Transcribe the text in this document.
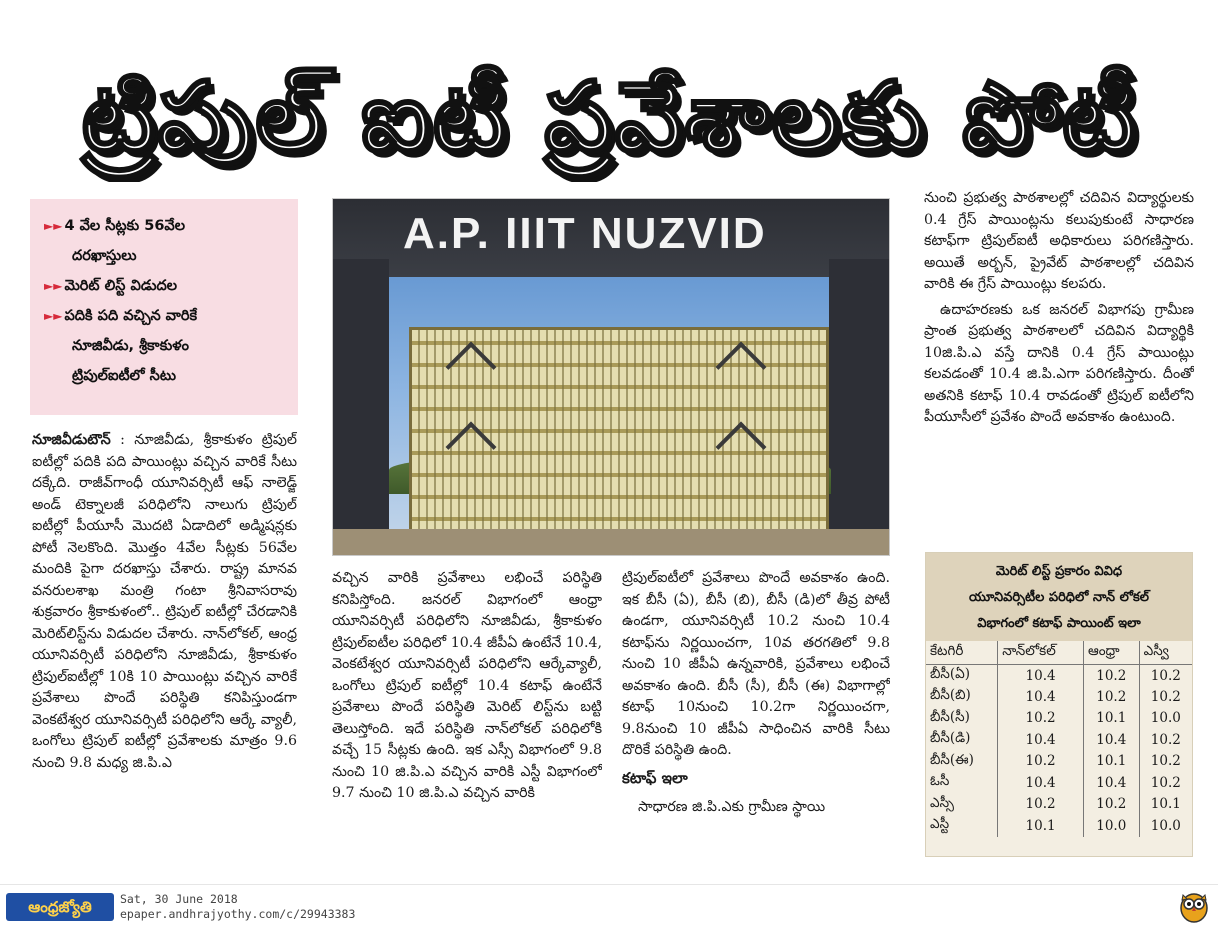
ట్రిపుల్ ఐటీ ప్రవేశాలకు పోటీ
►► 4 వేల సీట్లకు 56వేల
దరఖాస్తులు
►► మెరిట్ లిస్ట్ విడుదల
►► పదికి పది వచ్చిన వారికే
నూజివీడు, శ్రీకాకుళం
ట్రిపుల్ఐటీలో సీటు

నూజివీడుటౌన్ : నూజివీడు, శ్రీకాకుళం ట్రిపుల్ ఐటీల్లో పదికి పది పాయింట్లు వచ్చిన వారికే సీటు దక్కేది. రాజీవ్‌గాంధీ యూనివర్సిటీ ఆఫ్ నాలెడ్జ్ అండ్ టెక్నాలజీ పరిధిలోని నాలుగు ట్రిపుల్ ఐటీల్లో పీయూసీ మొదటి ఏడాదిలో అడ్మిషన్లకు పోటీ నెలకొంది. మొత్తం 4వేల సీట్లకు 56వేల మందికి పైగా దరఖాస్తు చేశారు. రాష్ట్ర మానవ వనరులశాఖ మంత్రి గంటా శ్రీనివాసరావు శుక్రవారం శ్రీకాకుళంలో.. ట్రిపుల్ ఐటీల్లో చేరడానికి మెరిట్‌లిస్ట్‌ను విడుదల చేశారు. నాన్‌లోకల్, ఆంధ్ర యూనివర్సిటీ పరిధిలోని నూజివీడు, శ్రీకాకుళం ట్రిపుల్‌ఐటీల్లో 10కి 10 పాయింట్లు వచ్చిన వారికే ప్రవేశాలు పొందే పరిస్థితి కనిపిస్తుండగా వెంకటేశ్వర యూనివర్సిటీ పరిధిలోని ఆర్కే వ్యాలీ, ఒంగోలు ట్రిపుల్ ఐటీల్లో ప్రవేశాలకు మాత్రం 9.6 నుంచి 9.8 మధ్య జి.పి.ఎ

A.P. IIIT NUZVID

వచ్చిన వారికి ప్రవేశాలు లభించే పరిస్థితి కనిపిస్తోంది. జనరల్ విభాగంలో ఆంధ్రా యూనివర్సిటీ పరిధిలోని నూజివీడు, శ్రీకాకుళం ట్రిపుల్‌ఐటీల పరిధిలో 10.4 జీపీఏ ఉంటేనే 10.4, వెంకటేశ్వర యూనివర్సిటీ పరిధిలోని ఆర్కేవ్యాలీ, ఒంగోలు ట్రిపుల్ ఐటీల్లో 10.4 కటాఫ్ ఉంటేనే ప్రవేశాలు పొందే పరిస్థితి మెరిట్ లిస్ట్‌ను బట్టి తెలుస్తోంది. ఇదే పరిస్థితి నాన్‌లోకల్ పరిధిలోకి వచ్చే 15 సీట్లకు ఉంది. ఇక ఎస్సీ విభాగంలో 9.8 నుంచి 10 జి.పి.ఎ వచ్చిన వారికి ఎస్టీ విభాగంలో 9.7 నుంచి 10 జి.పి.ఎ వచ్చిన వారికి

ట్రిపుల్‌ఐటీలో ప్రవేశాలు పొందే అవకాశం ఉంది. ఇక బీసీ (ఏ), బీసీ (బి), బీసీ (డి)లో తీవ్ర పోటీ ఉండగా, యూనివర్సిటీ 10.2 నుంచి 10.4 కటాఫ్‌ను నిర్ణయించగా, 10వ తరగతిలో 9.8 నుంచి 10 జీపీఏ ఉన్నవారికి, ప్రవేశాలు లభించే అవకాశం ఉంది. బీసీ (సీ), బీసీ (ఈ) విభాగాల్లో కటాఫ్ 10నుంచి 10.2గా నిర్ణయించగా, 9.8నుంచి 10 జీపీఏ సాధించిన వారికి సీటు దొరికే పరిస్థితి ఉంది.

కటాఫ్ ఇలా

సాధారణ జి.పి.ఎకు గ్రామీణ స్థాయి

నుంచి ప్రభుత్వ పాఠశాలల్లో చదివిన విద్యార్థులకు 0.4 గ్రేస్ పాయింట్లను కలుపుకుంటే సాధారణ కటాఫ్‌గా ట్రిపుల్‌ఐటీ అధికారులు పరిగణిస్తారు. అయితే అర్బన్, ప్రైవేట్ పాఠశాలల్లో చదివిన వారికి ఈ గ్రేస్ పాయింట్లు కలపరు.

ఉదాహరణకు ఒక జనరల్ విభాగపు గ్రామీణ ప్రాంత ప్రభుత్వ పాఠశాలలో చదివిన విద్యార్థికి 10జి.పి.ఎ వస్తే దానికి 0.4 గ్రేస్ పాయింట్లు కలవడంతో 10.4 జి.పి.ఎగా పరిగణిస్తారు. దీంతో అతనికి కటాఫ్ 10.4 రావడంతో ట్రిపుల్ ఐటీలోని పీయూసీలో ప్రవేశం పొందే అవకాశం ఉంటుంది.

మెరిట్ లిస్ట్ ప్రకారం వివిధ
యూనివర్సిటీల పరిధిలో నాన్ లోకల్
విభాగంలో కటాఫ్ పాయింట్ ఇలా
కేటగిరీ	నాన్‌లోకల్	ఆంధ్రా	ఎస్వీ
బీసీ(ఏ)	10.4	10.2	10.2
బీసీ(బి)	10.4	10.2	10.2
బీసీ(సీ)	10.2	10.1	10.0
బీసీ(డి)	10.4	10.4	10.2
బీసీ(ఈ)	10.2	10.1	10.2
ఓసీ	10.4	10.4	10.2
ఎస్సీ	10.2	10.2	10.1
ఎస్టీ	10.1	10.0	10.0
ఆంధ్రజ్యోతి	Sat, 30 June 2018
epaper.andhrajyothy.com/c/29943383
